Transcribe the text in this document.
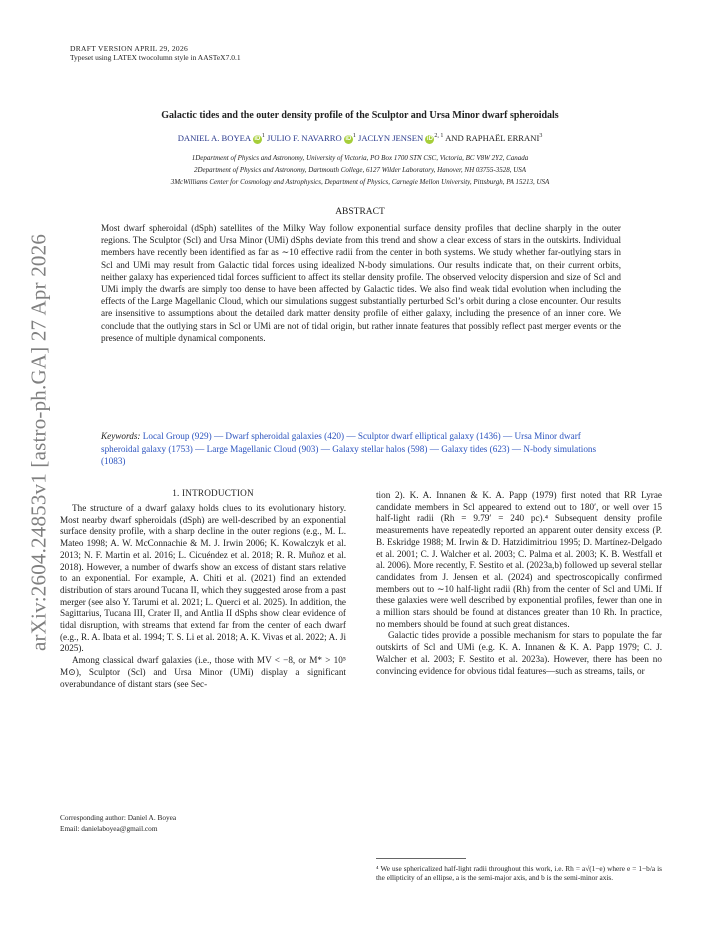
DRAFT VERSION APRIL 29, 2026
Typeset using LATEX twocolumn style in AASTeX7.0.1
arXiv:2604.24853v1 [astro-ph.GA] 27 Apr 2026
Galactic tides and the outer density profile of the Sculptor and Ursa Minor dwarf spheroidals
DANIEL A. BOYEA iD $^1$ JULIO F. NAVARRO iD $^1$ JACLYN JENSEN iD $^{2, 1}$ AND RAPHAËL ERRANI$^3$
1Department of Physics and Astronomy, University of Victoria, PO Box 1700 STN CSC, Victoria, BC V8W 2Y2, Canada
2Department of Physics and Astronomy, Dartmouth College, 6127 Wilder Laboratory, Hanover, NH 03755-3528, USA
3McWilliams Center for Cosmology and Astrophysics, Department of Physics, Carnegie Mellon University, Pittsburgh, PA 15213, USA
ABSTRACT
Most dwarf spheroidal (dSph) satellites of the Milky Way follow exponential surface density profiles that decline sharply in the outer regions. The Sculptor (Scl) and Ursa Minor (UMi) dSphs deviate from this trend and show a clear excess of stars in the outskirts. Individual members have recently been identified as far as ∼10 effective radii from the center in both systems. We study whether far-outlying stars in Scl and UMi may result from Galactic tidal forces using idealized N-body simulations. Our results indicate that, on their current orbits, neither galaxy has experienced tidal forces sufficient to affect its stellar density profile. The observed velocity dispersion and size of Scl and UMi imply the dwarfs are simply too dense to have been affected by Galactic tides. We also find weak tidal evolution when including the effects of the Large Magellanic Cloud, which our simulations suggest substantially perturbed Scl’s orbit during a close encounter. Our results are insensitive to assumptions about the detailed dark matter density profile of either galaxy, including the presence of an inner core. We conclude that the outlying stars in Scl or UMi are not of tidal origin, but rather innate features that possibly reflect past merger events or the presence of multiple dynamical components.
Keywords: Local Group (929) — Dwarf spheroidal galaxies (420) — Sculptor dwarf elliptical galaxy (1436) — Ursa Minor dwarf spheroidal galaxy (1753) — Large Magellanic Cloud (903) — Galaxy stellar halos (598) — Galaxy tides (623) — N-body simulations (1083)
1. INTRODUCTION

The structure of a dwarf galaxy holds clues to its evolutionary history. Most nearby dwarf spheroidals (dSph) are well-described by an exponential surface density profile, with a sharp decline in the outer regions (e.g., M. L. Mateo 1998; A. W. McConnachie & M. J. Irwin 2006; K. Kowalczyk et al. 2013; N. F. Martin et al. 2016; L. Cicuéndez et al. 2018; R. R. Muñoz et al. 2018). However, a number of dwarfs show an excess of distant stars relative to an exponential. For example, A. Chiti et al. (2021) find an extended distribution of stars around Tucana II, which they suggested arose from a past merger (see also Y. Tarumi et al. 2021; L. Querci et al. 2025). In addition, the Sagittarius, Tucana III, Crater II, and Antlia II dSphs show clear evidence of tidal disruption, with streams that extend far from the center of each dwarf (e.g., R. A. Ibata et al. 1994; T. S. Li et al. 2018; A. K. Vivas et al. 2022; A. Ji 2025).

Among classical dwarf galaxies (i.e., those with MV < −8, or M* > 10⁵ M⊙), Sculptor (Scl) and Ursa Minor (UMi) display a significant overabundance of distant stars (see Sec-

tion 2). K. A. Innanen & K. A. Papp (1979) first noted that RR Lyrae candidate members in Scl appeared to extend out to 180′, or well over 15 half-light radii (Rh = 9.79′ = 240 pc).⁴ Subsequent density profile measurements have repeatedly reported an apparent outer density excess (P. B. Eskridge 1988; M. Irwin & D. Hatzidimitriou 1995; D. Martínez-Delgado et al. 2001; C. J. Walcher et al. 2003; C. Palma et al. 2003; K. B. Westfall et al. 2006). More recently, F. Sestito et al. (2023a,b) followed up several stellar candidates from J. Jensen et al. (2024) and spectroscopically confirmed members out to ∼10 half-light radii (Rh) from the center of Scl and UMi. If these galaxies were well described by exponential profiles, fewer than one in a million stars should be found at distances greater than 10 Rh. In practice, no members should be found at such great distances.

Galactic tides provide a possible mechanism for stars to populate the far outskirts of Scl and UMi (e.g. K. A. Innanen & K. A. Papp 1979; C. J. Walcher et al. 2003; F. Sestito et al. 2023a). However, there has been no convincing evidence for obvious tidal features—such as streams, tails, or

Corresponding author: Daniel A. Boyea
Email: danielaboyea@gmail.com
⁴ We use sphericalized half-light radii throughout this work, i.e. Rh = a√(1−e) where e = 1−b/a is the ellipticity of an ellipse, a is the semi-major axis, and b is the semi-minor axis.
